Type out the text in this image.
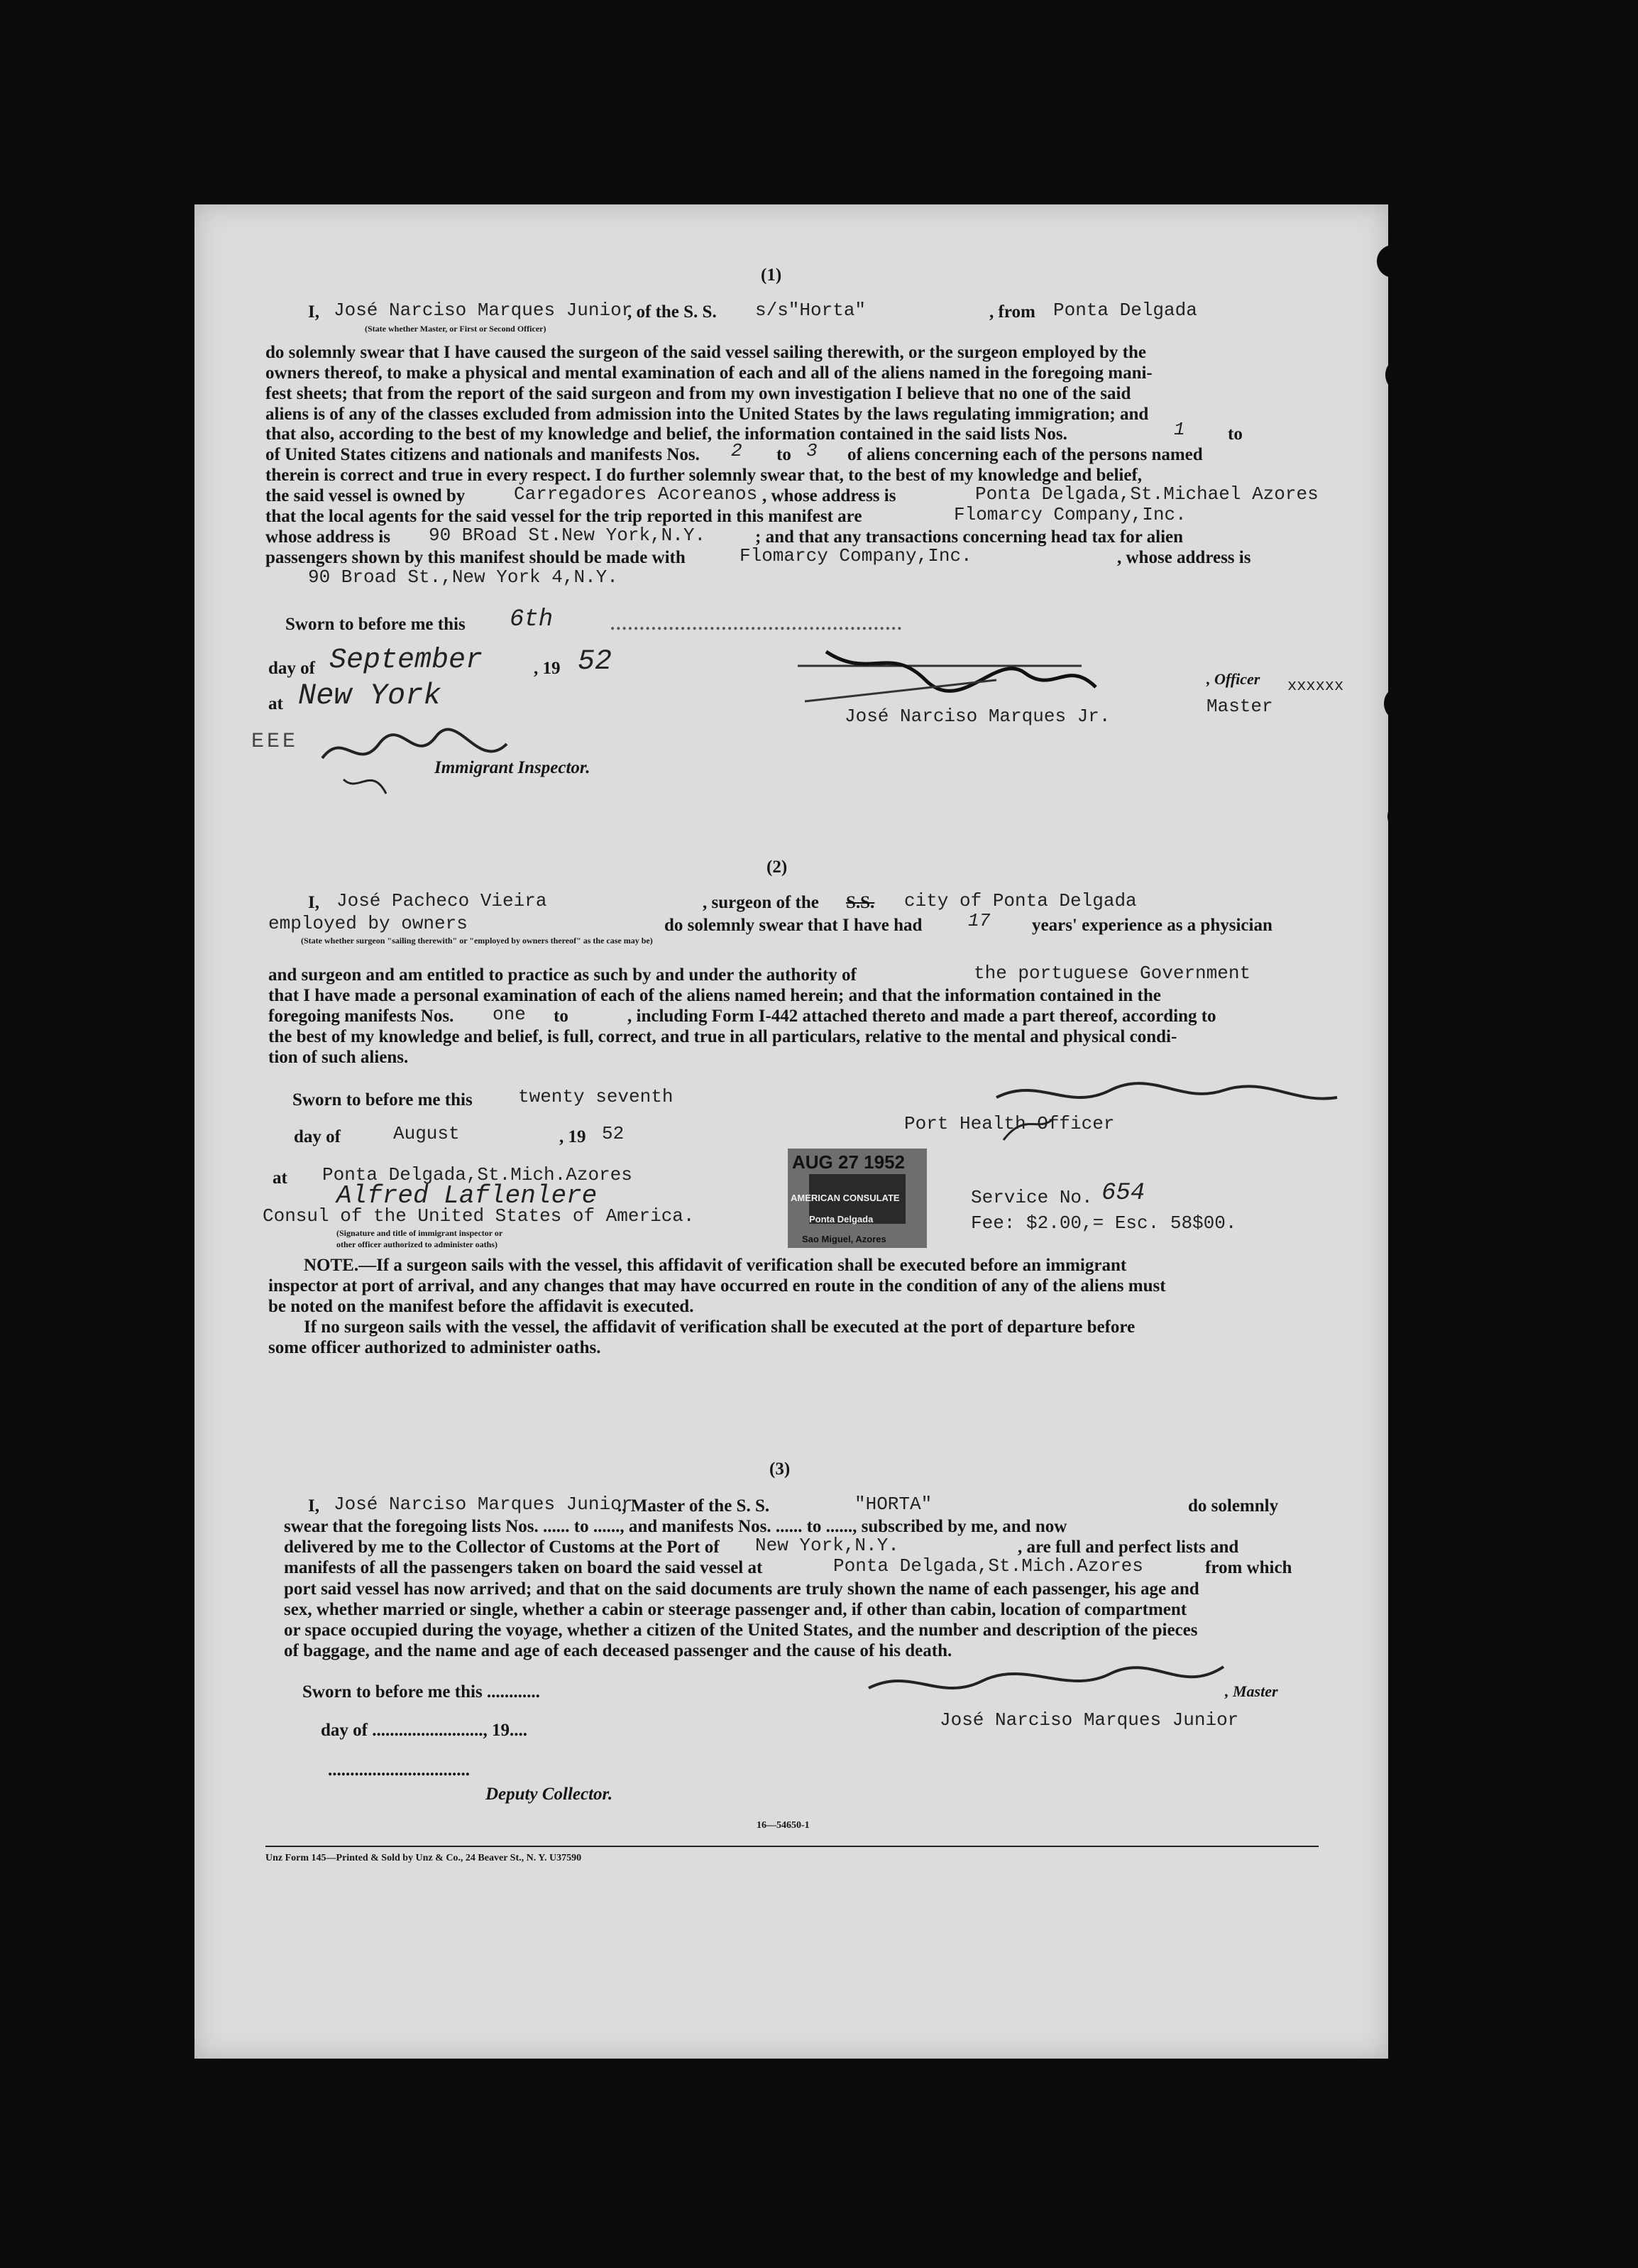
(1)
I, José Narciso Marques Junior
, of the S. S. s/s"Horta"	, from Ponta Delgada
(State whether Master, or First or Second Officer)
do solemnly swear that I have caused the surgeon of the said vessel sailing therewith, or the surgeon employed by the
owners thereof, to make a physical and mental examination of each and all of the aliens named in the foregoing mani-
fest sheets; that from the report of the said surgeon and from my own investigation I believe that no one of the said
aliens is of any of the classes excluded from admission into the United States by the laws regulating immigration; and
that also, according to the best of my knowledge and belief, the information contained in the said lists Nos.	1 to
of United States citizens and nationals and manifests Nos. 2 to 3 of aliens concerning each of the persons named
therein is correct and true in every respect. I do further solemnly swear that, to the best of my knowledge and belief,
the said vessel is owned by	Carregadores Acoreanos , whose address is	Ponta Delgada,St.Michael Azores
that the local agents for the said vessel for the trip reported in this manifest are	Flomarcy Company,Inc.
whose address is 90 BRoad St.New York,N.Y.	; and that any transactions concerning head tax for alien
passengers shown by this manifest should be made with	Flomarcy Company,Inc.	, whose address is
90 Broad St.,New York 4,N.Y.
Sworn to before me this 6th	..................................................
day of September	, 19 52
at New York
EEE
Immigrant Inspector.
, Officer xxxxxx
José Narciso Marques Jr.	Master
(2)
I, José Pacheco Vieira	, surgeon of the S.S. city of Ponta Delgada
employed by owners	do solemnly swear that I have had 17 years' experience as a physician
(State whether surgeon "sailing therewith" or "employed by owners thereof" as the case may be)
and surgeon and am entitled to practice as such by and under the authority of	the portuguese Government
that I have made a personal examination of each of the aliens named herein; and that the information contained in the
foregoing manifests Nos. one to	, including Form I-442 attached thereto and made a part thereof, according to
the best of my knowledge and belief, is full, correct, and true in all particulars, relative to the mental and physical condi-
tion of such aliens.
Sworn to before me this twenty seventh
Port Health Officer
day of	August	, 19 52
at Ponta Delgada,St.Mich.Azores
Alfred Laflenlere
Consul of the United States of America.
(Signature and title of immigrant inspector or
other officer authorized to administer oaths)
AUG 27 1952
AMERICAN CONSULATE
Ponta Delgada
Sao Miguel, Azores
Service No. 654
Fee: $2.00,= Esc. 58$00.
NOTE.—If a surgeon sails with the vessel, this affidavit of verification shall be executed before an immigrant
inspector at port of arrival, and any changes that may have occurred en route in the condition of any of the aliens must
be noted on the manifest before the affidavit is executed.
If no surgeon sails with the vessel, the affidavit of verification shall be executed at the port of departure before
some officer authorized to administer oaths.
(3)
I, José Narciso Marques Junior
., Master of the S. S.	"HORTA"	do solemnly
swear that the foregoing lists Nos. ...... to ......, and manifests Nos. ...... to ......, subscribed by me, and now
delivered by me to the Collector of Customs at the Port of New York,N.Y.	, are full and perfect lists and
manifests of all the passengers taken on board the said vessel at	Ponta Delgada,St.Mich.Azores	from which
port said vessel has now arrived; and that on the said documents are truly shown the name of each passenger, his age and
sex, whether married or single, whether a cabin or steerage passenger and, if other than cabin, location of compartment
or space occupied during the voyage, whether a citizen of the United States, and the number and description of the pieces
of baggage, and the name and age of each deceased passenger and the cause of his death.
Sworn to before me this ............
day of ........................., 19....
................................
Deputy Collector.
, Master
José Narciso Marques Junior
16—54650-1
Unz Form 145—Printed & Sold by Unz & Co., 24 Beaver St., N. Y. U37590
